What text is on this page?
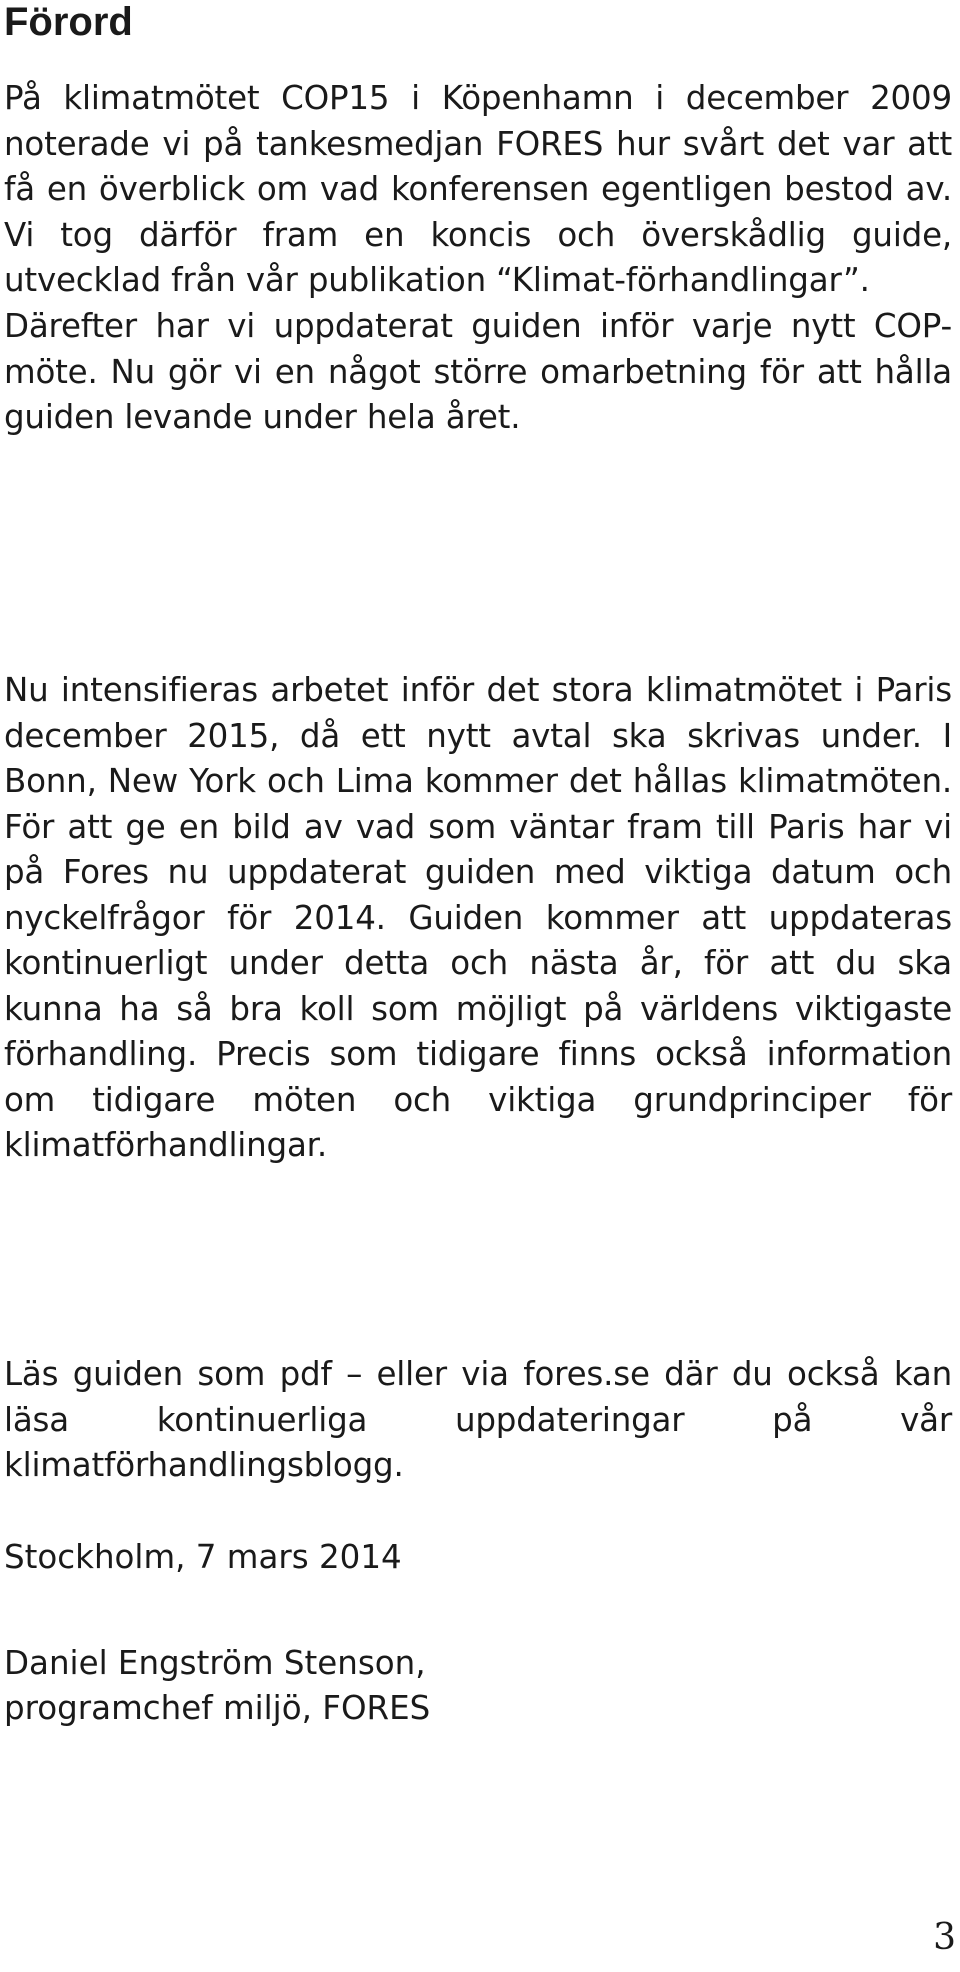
Förord

På klimatmötet COP15 i Köpenhamn i december 2009 noterade vi på tankesmedjan FORES hur svårt det var att få en överblick om vad konferensen egentligen bestod av. Vi tog därför fram en koncis och överskådlig guide, utvecklad från vår publikation “Klimat-förhandlingar”.

Därefter har vi uppdaterat guiden inför varje nytt COP-möte. Nu gör vi en något större omarbetning för att hålla guiden levande under hela året.

Nu intensifieras arbetet inför det stora klimatmötet i Paris december 2015, då ett nytt avtal ska skrivas under. I Bonn, New York och Lima kommer det hållas klimatmöten. För att ge en bild av vad som väntar fram till Paris har vi på Fores nu uppdaterat guiden med viktiga datum och nyckelfrågor för 2014. Guiden kommer att uppdateras kontinuerligt under detta och nästa år, för att du ska kunna ha så bra koll som möjligt på världens viktigaste förhandling. Precis som tidigare finns också information om tidigare möten och viktiga grundprinciper för klimatförhandlingar.

Läs guiden som pdf – eller via fores.se där du också kan läsa kontinuerliga uppdateringar på vår klimatförhandlingsblogg.

Stockholm, 7 mars 2014

Daniel Engström Stenson,

programchef miljö, FORES

3
